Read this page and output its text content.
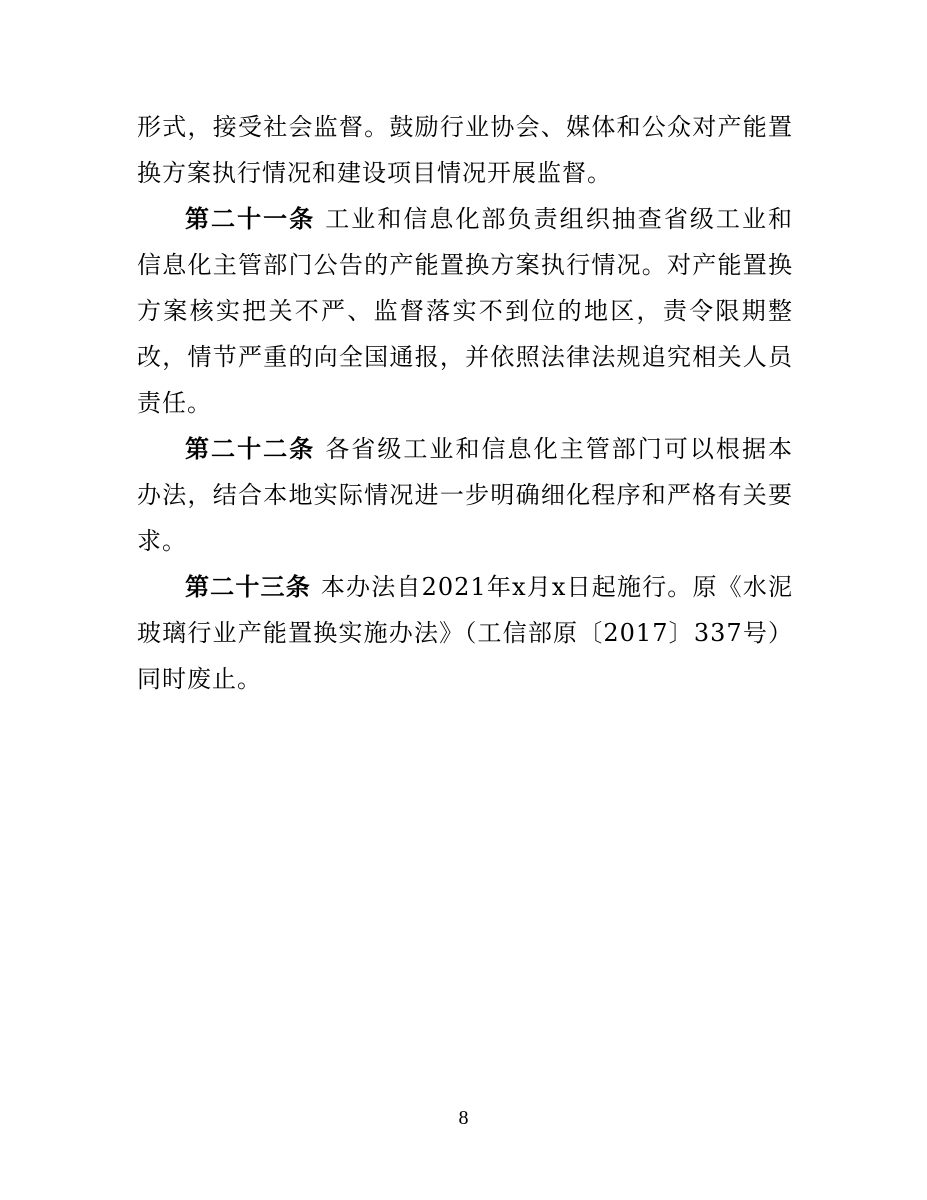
形式，接受社会监督。鼓励行业协会、媒体和公众对产能置换方案执行情况和建设项目情况开展监督。

第二十一条 工业和信息化部负责组织抽查省级工业和信息化主管部门公告的产能置换方案执行情况。对产能置换方案核实把关不严、监督落实不到位的地区，责令限期整改，情节严重的向全国通报，并依照法律法规追究相关人员责任。

第二十二条 各省级工业和信息化主管部门可以根据本办法，结合本地实际情况进一步明确细化程序和严格有关要求。

第二十三条 本办法自2021年x月x日起施行。原《水泥玻璃行业产能置换实施办法》（工信部原〔2017〕337号）同时废止。

8
